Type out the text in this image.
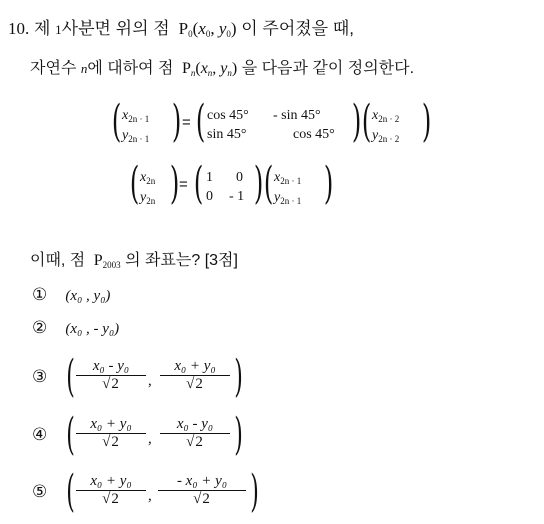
10. 제 1사분면 위의 점 P0(x0, y0) 이 주어졌을 때,
자연수 n에 대하여 점 Pn(xn, yn) 을 다음과 같이 정의한다.
( $x_{2n \cdot 1}$
$y_{2n \cdot 1}$ ) = ( cos 45° - sin 45°
sin 45°	cos 45° ) ( $x_{2n \cdot 2}$
$y_{2n \cdot 2}$ )
( $x_{2n}$
$y_{2n}$ ) = ( 1 0
0 - 1 ) ( $x_{2n \cdot 1}$
$y_{2n \cdot 1}$ )
이때, 점 P2003 의 좌표는? [3점]
① (x₀ , y₀)
② (x₀ , - y₀)
③ ( $\frac{\text{x₀ - y₀}}{√2}$ , $\frac{\text{x₀ + y₀}}{√2}$ )
④ ( $\frac{\text{x₀ + y₀}}{√2}$ , $\frac{\text{x₀ - y₀}}{√2}$ )
⑤ ( $\frac{\text{x₀ + y₀}}{√2}$ , $\frac{\text{- x₀ + y₀}}{√2}$ )
